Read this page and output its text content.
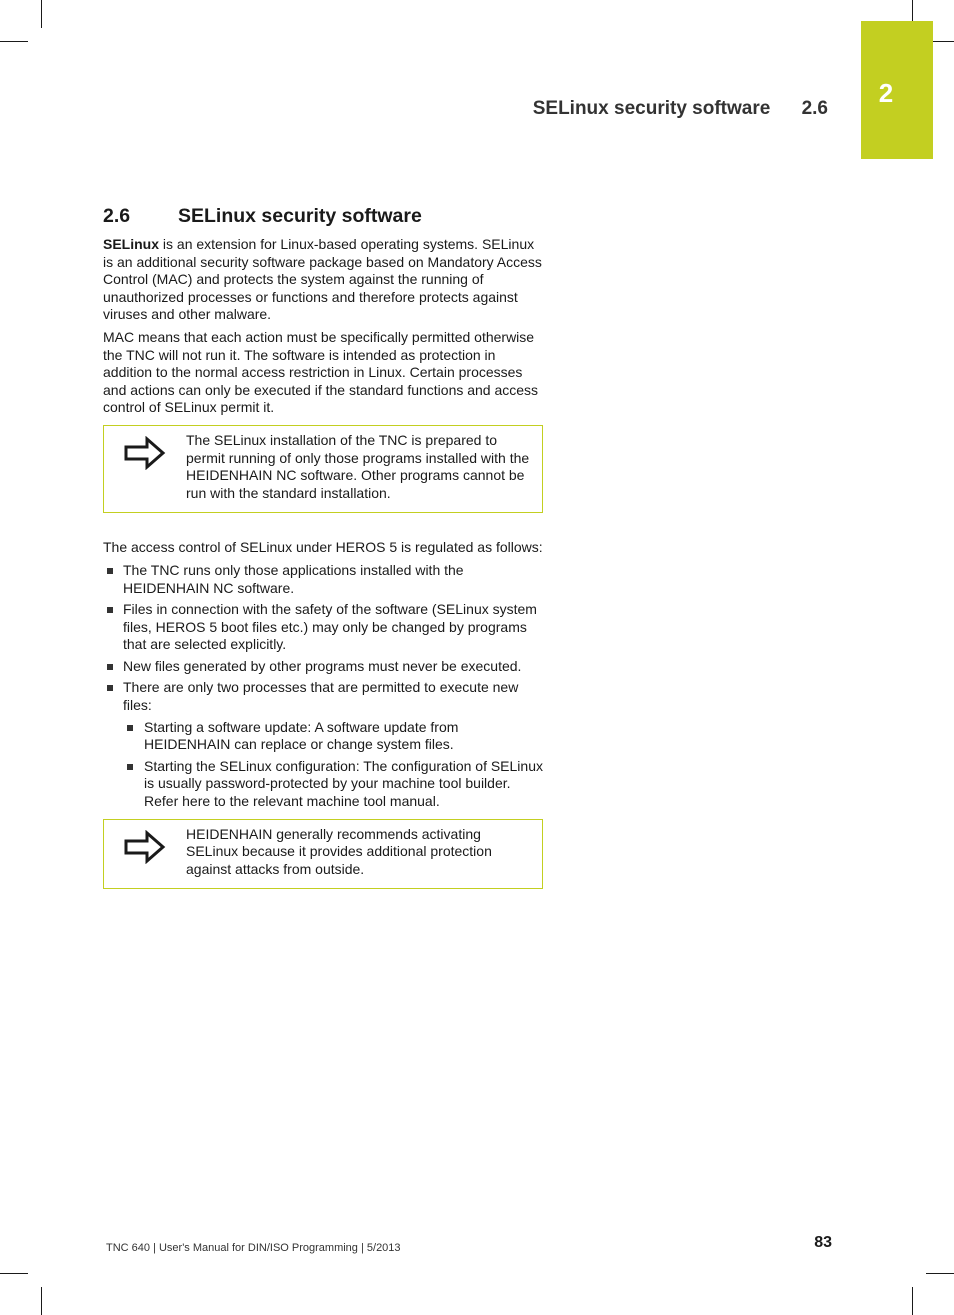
2
SELinux security software 2.6
2.6 SELinux security software

SELinux is an extension for Linux-based operating systems. SELinux is an additional security software package based on Mandatory Access Control (MAC) and protects the system against the running of unauthorized processes or functions and therefore protects against viruses and other malware.

MAC means that each action must be specifically permitted otherwise the TNC will not run it. The software is intended as protection in addition to the normal access restriction in Linux. Certain processes and actions can only be executed if the standard functions and access control of SELinux permit it.

The SELinux installation of the TNC is prepared to permit running of only those programs installed with the HEIDENHAIN NC software. Other programs cannot be run with the standard installation.

The access control of SELinux under HEROS 5 is regulated as follows:

The TNC runs only those applications installed with the HEIDENHAIN NC software.
Files in connection with the safety of the software (SELinux system files, HEROS 5 boot files etc.) may only be changed by programs that are selected explicitly.
New files generated by other programs must never be executed.
There are only two processes that are permitted to execute new files:
Starting a software update: A software update from HEIDENHAIN can replace or change system files.
Starting the SELinux configuration: The configuration of SELinux is usually password-protected by your machine tool builder. Refer here to the relevant machine tool manual.

HEIDENHAIN generally recommends activating SELinux because it provides additional protection against attacks from outside.

TNC 640 | User's Manual for DIN/ISO Programming | 5/2013	83
